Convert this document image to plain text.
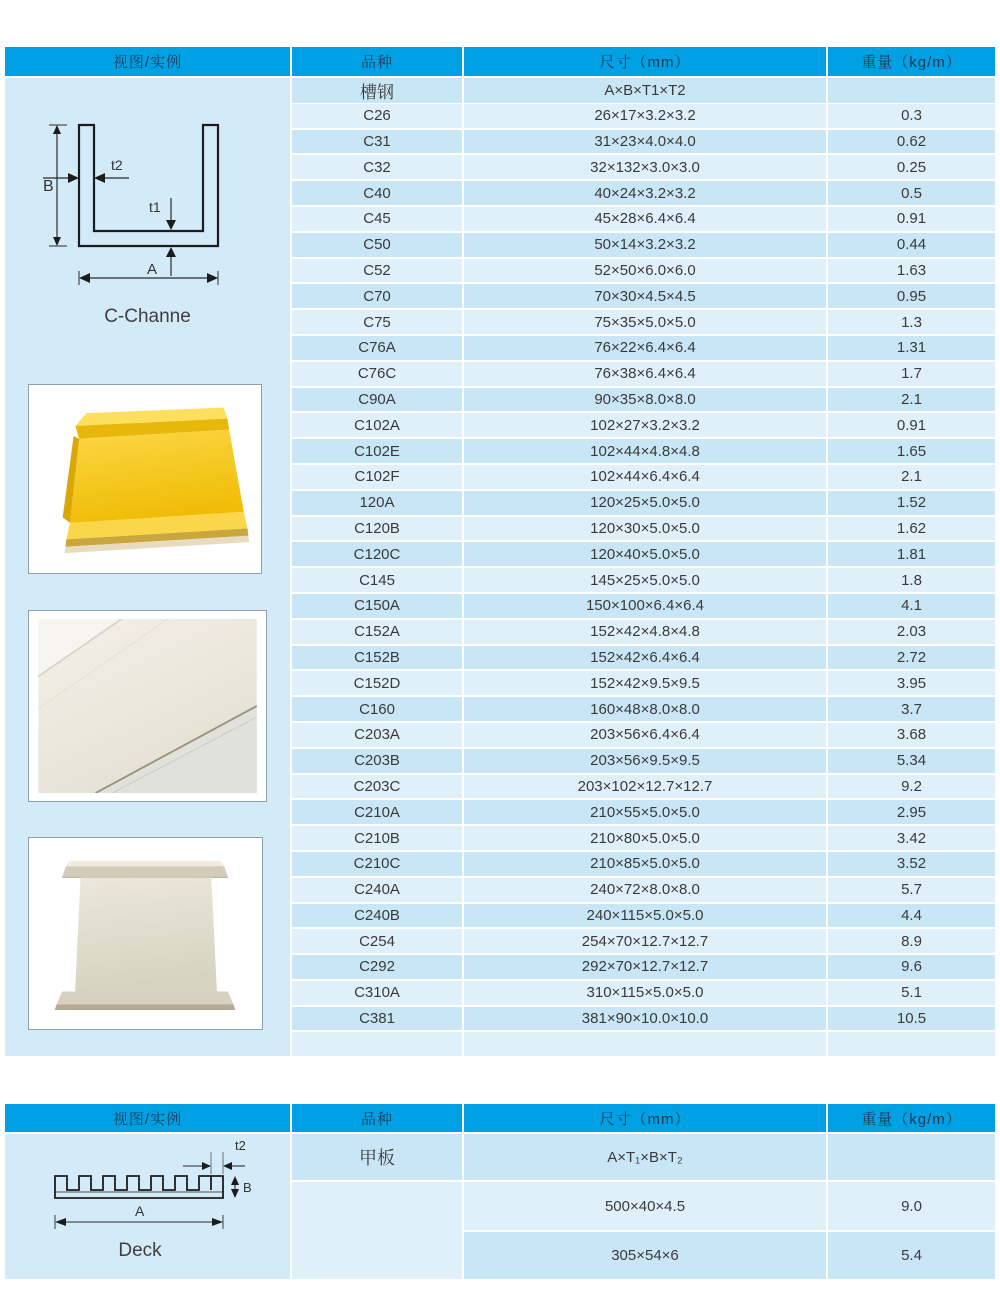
视图/实例	品种	尺寸（mm）	重量（kg/m）
B
t2
t1
A
C-Channe
槽钢	A×B×T1×T2
C26	26×17×3.2×3.2	0.3
C31	31×23×4.0×4.0	0.62
C32	32×132×3.0×3.0	0.25
C40	40×24×3.2×3.2	0.5
C45	45×28×6.4×6.4	0.91
C50	50×14×3.2×3.2	0.44
C52	52×50×6.0×6.0	1.63
C70	70×30×4.5×4.5	0.95
C75	75×35×5.0×5.0	1.3
C76A	76×22×6.4×6.4	1.31
C76C	76×38×6.4×6.4	1.7
C90A	90×35×8.0×8.0	2.1
C102A	102×27×3.2×3.2	0.91
C102E	102×44×4.8×4.8	1.65
C102F	102×44×6.4×6.4	2.1
120A	120×25×5.0×5.0	1.52
C120B	120×30×5.0×5.0	1.62
C120C	120×40×5.0×5.0	1.81
C145	145×25×5.0×5.0	1.8
C150A	150×100×6.4×6.4	4.1
C152A	152×42×4.8×4.8	2.03
C152B	152×42×6.4×6.4	2.72
C152D	152×42×9.5×9.5	3.95
C160	160×48×8.0×8.0	3.7
C203A	203×56×6.4×6.4	3.68
C203B	203×56×9.5×9.5	5.34
C203C	203×102×12.7×12.7	9.2
C210A	210×55×5.0×5.0	2.95
C210B	210×80×5.0×5.0	3.42
C210C	210×85×5.0×5.0	3.52
C240A	240×72×8.0×8.0	5.7
C240B	240×115×5.0×5.0	4.4
C254	254×70×12.7×12.7	8.9
C292	292×70×12.7×12.7	9.6
C310A	310×115×5.0×5.0	5.1
C381	381×90×10.0×10.0	10.5
视图/实例	品种	尺寸（mm）	重量（kg/m）
t2
B
A
Deck
甲板	A×T₁×B×T₂
500×40×4.5	9.0
305×54×6	5.4
